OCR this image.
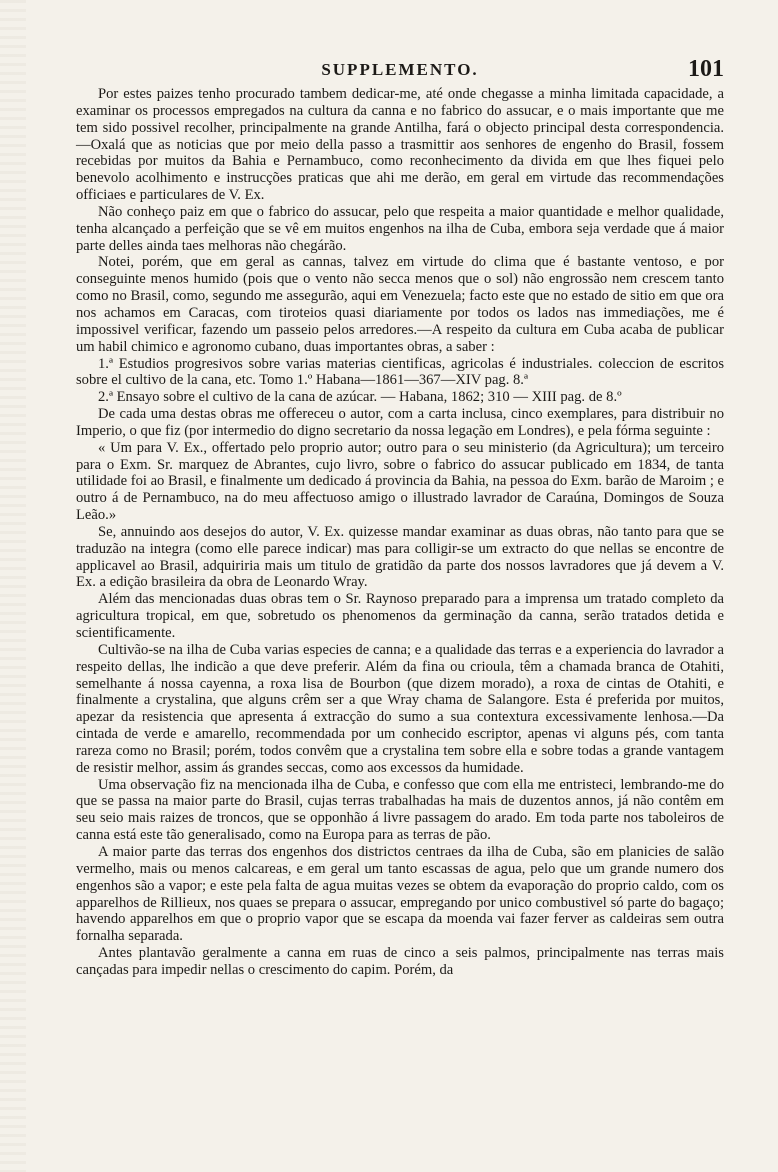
SUPPLEMENTO.	101

Por estes paizes tenho procurado tambem dedicar-me, até onde chegasse a minha limitada capacidade, a examinar os processos empregados na cultura da canna e no fabrico do assucar, e o mais importante que me tem sido possivel recolher, principalmente na grande Antilha, fará o objecto principal desta correspondencia.—Oxalá que as noticias que por meio della passo a trasmittir aos senhores de engenho do Brasil, fossem recebidas por muitos da Bahia e Pernambuco, como reconhecimento da divida em que lhes fiquei pelo benevolo acolhimento e instrucções praticas que ahi me derão, em geral em virtude das recommendações officiaes e particulares de V. Ex.

Não conheço paiz em que o fabrico do assucar, pelo que respeita a maior quantidade e melhor qualidade, tenha alcançado a perfeição que se vê em muitos engenhos na ilha de Cuba, embora seja verdade que á maior parte delles ainda taes melhoras não chegárão.

Notei, porém, que em geral as cannas, talvez em virtude do clima que é bastante ventoso, e por conseguinte menos humido (pois que o vento não secca menos que o sol) não engrossão nem crescem tanto como no Brasil, como, segundo me assegurão, aqui em Venezuela; facto este que no estado de sitio em que ora nos achamos em Caracas, com tiroteios quasi diariamente por todos os lados nas immediações, me é impossivel verificar, fazendo um passeio pelos arredores.—A respeito da cultura em Cuba acaba de publicar um habil chimico e agronomo cubano, duas importantes obras, a saber :

1.ª Estudios progresivos sobre varias materias cientificas, agricolas é industriales. coleccion de escritos sobre el cultivo de la cana, etc. Tomo 1.º Habana—1861—367—XIV pag. 8.ª

2.ª Ensayo sobre el cultivo de la cana de azúcar. — Habana, 1862; 310 — XIII pag. de 8.º

De cada uma destas obras me offereceu o autor, com a carta inclusa, cinco exemplares, para distribuir no Imperio, o que fiz (por intermedio do digno secretario da nossa legação em Londres), e pela fórma seguinte :

« Um para V. Ex., offertado pelo proprio autor; outro para o seu ministerio (da Agricultura); um terceiro para o Exm. Sr. marquez de Abrantes, cujo livro, sobre o fabrico do assucar publicado em 1834, de tanta utilidade foi ao Brasil, e finalmente um dedicado á provincia da Bahia, na pessoa do Exm. barão de Maroim ; e outro á de Pernambuco, na do meu affectuoso amigo o illustrado lavrador de Caraúna, Domingos de Souza Leão.»

Se, annuindo aos desejos do autor, V. Ex. quizesse mandar examinar as duas obras, não tanto para que se traduzão na integra (como elle parece indicar) mas para colligir-se um extracto do que nellas se encontre de applicavel ao Brasil, adquiriria mais um titulo de gratidão da parte dos nossos lavradores que já devem a V. Ex. a edição brasileira da obra de Leonardo Wray.

Além das mencionadas duas obras tem o Sr. Raynoso preparado para a imprensa um tratado completo da agricultura tropical, em que, sobretudo os phenomenos da germinação da canna, serão tratados detida e scientificamente.

Cultivão-se na ilha de Cuba varias especies de canna; e a qualidade das terras e a experiencia do lavrador a respeito dellas, lhe indicão a que deve preferir. Além da fina ou crioula, têm a chamada branca de Otahiti, semelhante á nossa cayenna, a roxa lisa de Bourbon (que dizem morado), a roxa de cintas de Otahiti, e finalmente a crystalina, que alguns crêm ser a que Wray chama de Salangore. Esta é preferida por muitos, apezar da resistencia que apresenta á extracção do sumo a sua contextura excessivamente lenhosa.—Da cintada de verde e amarello, recommendada por um conhecido escriptor, apenas vi alguns pés, com tanta rareza como no Brasil; porém, todos convêm que a crystalina tem sobre ella e sobre todas a grande vantagem de resistir melhor, assim ás grandes seccas, como aos excessos da humidade.

Uma observação fiz na mencionada ilha de Cuba, e confesso que com ella me entristeci, lembrando-me do que se passa na maior parte do Brasil, cujas terras trabalhadas ha mais de duzentos annos, já não contêm em seu seio mais raizes de troncos, que se opponhão á livre passagem do arado. Em toda parte nos taboleiros de canna está este tão generalisado, como na Europa para as terras de pão.

A maior parte das terras dos engenhos dos districtos centraes da ilha de Cuba, são em planicies de salão vermelho, mais ou menos calcareas, e em geral um tanto escassas de agua, pelo que um grande numero dos engenhos são a vapor; e este pela falta de agua muitas vezes se obtem da evaporação do proprio caldo, com os apparelhos de Rillieux, nos quaes se prepara o assucar, empregando por unico combustivel só parte do bagaço; havendo apparelhos em que o proprio vapor que se escapa da moenda vai fazer ferver as caldeiras sem outra fornalha separada.

Antes plantavão geralmente a canna em ruas de cinco a seis palmos, principalmente nas terras mais cançadas para impedir nellas o crescimento do capim. Porém, da
